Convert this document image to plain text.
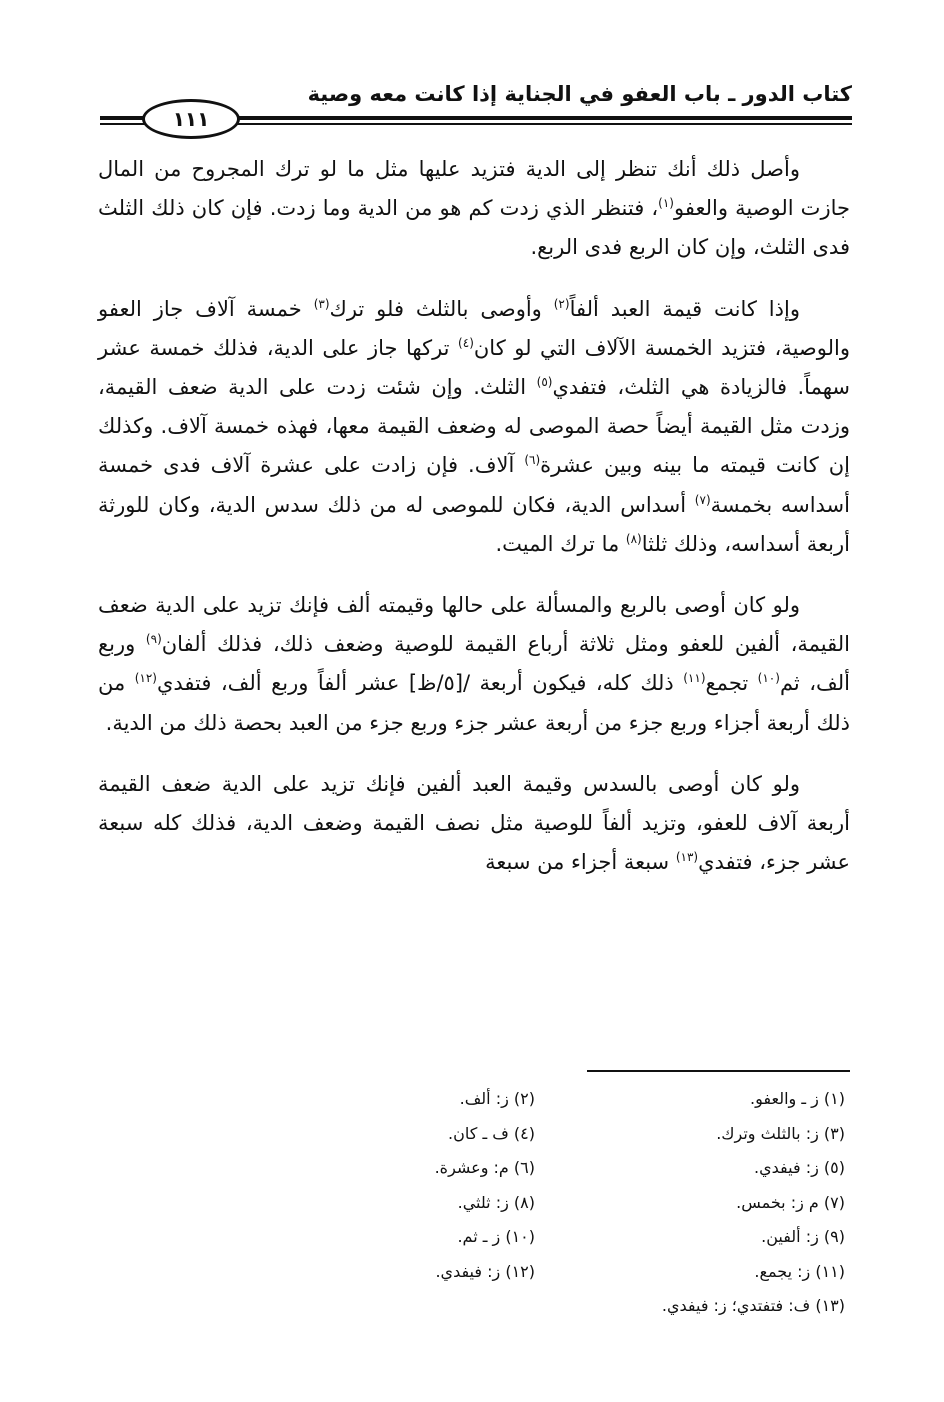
كتاب الدور ـ باب العفو في الجناية إذا كانت معه وصية
١١١

وأصل ذلك أنك تنظر إلى الدية فتزيد عليها مثل ما لو ترك المجروح من المال جازت الوصية والعفو$^{(١)}$، فتنظر الذي زدت كم هو من الدية وما زدت. فإن كان ذلك الثلث فدى الثلث، وإن كان الربع فدى الربع.

وإذا كانت قيمة العبد ألفاً$^{(٢)}$ وأوصى بالثلث فلو ترك$^{(٣)}$ خمسة آلاف جاز العفو والوصية، فتزيد الخمسة الآلاف التي لو كان$^{(٤)}$ تركها جاز على الدية، فذلك خمسة عشر سهماً. فالزيادة هي الثلث، فتفدي$^{(٥)}$ الثلث. وإن شئت زدت على الدية ضعف القيمة، وزدت مثل القيمة أيضاً حصة الموصى له وضعف القيمة معها، فهذه خمسة آلاف. وكذلك إن كانت قيمته ما بينه وبين عشرة$^{(٦)}$ آلاف. فإن زادت على عشرة آلاف فدى خمسة أسداسه بخمسة$^{(٧)}$ أسداس الدية، فكان للموصى له من ذلك سدس الدية، وكان للورثة أربعة أسداسه، وذلك ثلثا$^{(٨)}$ ما ترك الميت.

ولو كان أوصى بالربع والمسألة على حالها وقيمته ألف فإنك تزيد على الدية ضعف القيمة، ألفين للعفو ومثل ثلاثة أرباع القيمة للوصية وضعف ذلك، فذلك ألفان$^{(٩)}$ وربع ألف، ثم$^{(١٠)}$ تجمع$^{(١١)}$ ذلك كله، فيكون أربعة /[٥/ظ] عشر ألفاً وربع ألف، فتفدي$^{(١٢)}$ من ذلك أربعة أجزاء وربع جزء من أربعة عشر جزء وربع جزء من العبد بحصة ذلك من الدية.

ولو كان أوصى بالسدس وقيمة العبد ألفين فإنك تزيد على الدية ضعف القيمة أربعة آلاف للعفو، وتزيد ألفاً للوصية مثل نصف القيمة وضعف الدية، فذلك كله سبعة عشر جزء، فتفدي$^{(١٣)}$ سبعة أجزاء من سبعة

(١) ز ـ والعفو.
(٣) ز: بالثلث وترك.
(٥) ز: فيفدي.
(٧) م ز: بخمس.
(٩) ز: ألفين.
(١١) ز: يجمع.
(١٣) ف: فتفتدي؛ ز: فيفدي.
(٢) ز: ألف.
(٤) ف ـ كان.
(٦) م: وعشرة.
(٨) ز: ثلثي.
(١٠) ز ـ ثم.
(١٢) ز: فيفدي.
